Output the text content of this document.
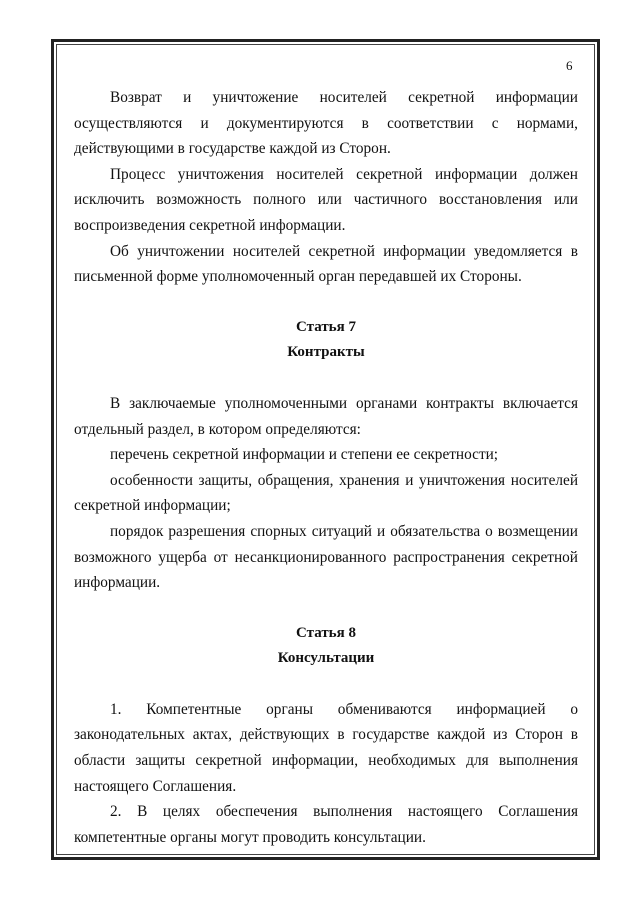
6

Возврат и уничтожение носителей секретной информации осуществляются и документируются в соответствии с нормами, действующими в государстве каждой из Сторон.

Процесс уничтожения носителей секретной информации должен исключить возможность полного или частичного восстановления или воспроизведения секретной информации.

Об уничтожении носителей секретной информации уведомляется в письменной форме уполномоченный орган передавшей их Стороны.

Статья 7

Контракты

В заключаемые уполномоченными органами контракты включается отдельный раздел, в котором определяются:

перечень секретной информации и степени ее секретности;

особенности защиты, обращения, хранения и уничтожения носителей секретной информации;

порядок разрешения спорных ситуаций и обязательства о возмещении возможного ущерба от несанкционированного распространения секретной информации.

Статья 8

Консультации

1. Компетентные органы обмениваются информацией о законодательных актах, действующих в государстве каждой из Сторон в области защиты секретной информации, необходимых для выполнения настоящего Соглашения.

2. В целях обеспечения выполнения настоящего Соглашения компетентные органы могут проводить консультации.
